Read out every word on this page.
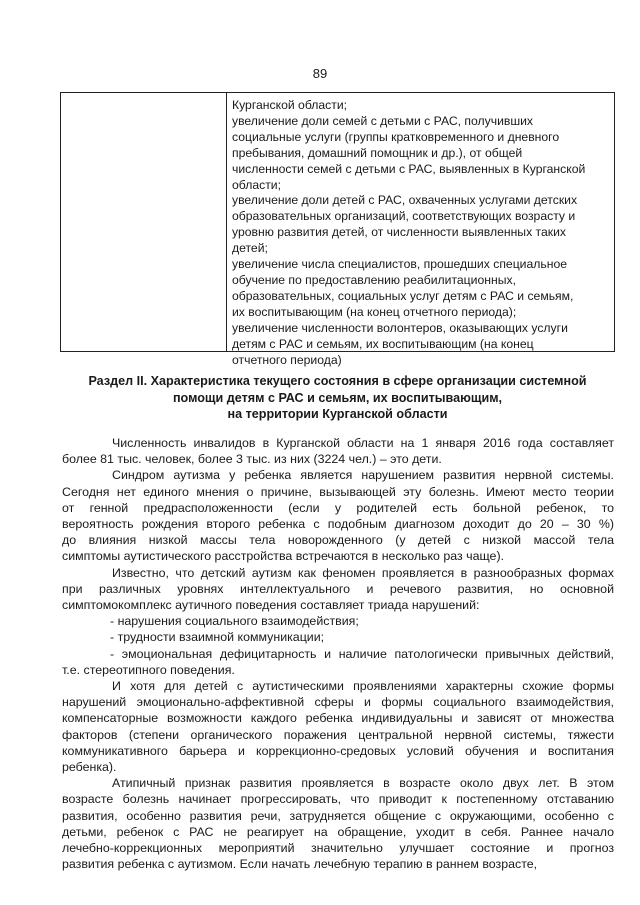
89
Курганской области;
увеличение доли семей с детьми с РАС, получивших
социальные услуги (группы кратковременного и дневного
пребывания, домашний помощник и др.), от общей
численности семей с детьми с РАС, выявленных в Курганской
области;
увеличение доли детей с РАС, охваченных услугами детских
образовательных организаций, соответствующих возрасту и
уровню развития детей, от численности выявленных таких
детей;
увеличение числа специалистов, прошедших специальное
обучение по предоставлению реабилитационных,
образовательных, социальных услуг детям с РАС и семьям,
их воспитывающим (на конец отчетного периода);
увеличение численности волонтеров, оказывающих услуги
детям с РАС и семьям, их воспитывающим (на конец
отчетного периода)
Раздел II. Характеристика текущего состояния в сфере организации системной
помощи детям с РАС и семьям, их воспитывающим,
на территории Курганской области
Численность инвалидов в Курганской области на 1 января 2016 года составляет
более 81 тыс. человек, более 3 тыс. из них (3224 чел.) – это дети.
Синдром аутизма у ребенка является нарушением развития нервной системы.
Сегодня нет единого мнения о причине, вызывающей эту болезнь. Имеют место теории
от генной предрасположенности (если у родителей есть больной ребенок, то
вероятность рождения второго ребенка с подобным диагнозом доходит до 20 – 30 %)
до влияния низкой массы тела новорожденного (у детей с низкой массой тела
симптомы аутистического расстройства встречаются в несколько раз чаще).
Известно, что детский аутизм как феномен проявляется в разнообразных формах
при различных уровнях интеллектуального и речевого развития, но основной
симптомокомплекс аутичного поведения составляет триада нарушений:
- нарушения социального взаимодействия;
- трудности взаимной коммуникации;
- эмоциональная дефицитарность и наличие патологически привычных действий,
т.е. стереотипного поведения.
И хотя для детей с аутистическими проявлениями характерны схожие формы
нарушений эмоционально-аффективной сферы и формы социального взаимодействия,
компенсаторные возможности каждого ребенка индивидуальны и зависят от множества
факторов (степени органического поражения центральной нервной системы, тяжести
коммуникативного барьера и коррекционно-средовых условий обучения и воспитания
ребенка).
Атипичный признак развития проявляется в возрасте около двух лет. В этом
возрасте болезнь начинает прогрессировать, что приводит к постепенному отставанию
развития, особенно развития речи, затрудняется общение с окружающими, особенно с
детьми, ребенок с РАС не реагирует на обращение, уходит в себя. Раннее начало
лечебно-коррекционных мероприятий значительно улучшает состояние и прогноз
развития ребенка с аутизмом. Если начать лечебную терапию в раннем возрасте,
